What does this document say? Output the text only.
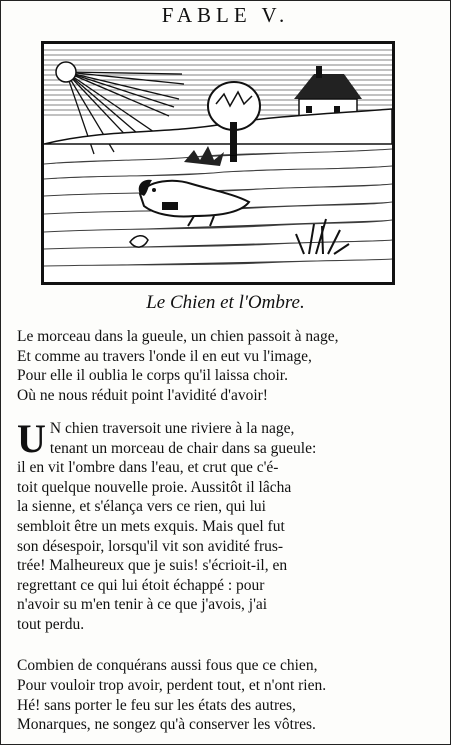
FABLE V.
Le Chien et l'Ombre.
Le morceau dans la gueule, un chien passoit à nage,
Et comme au travers l'onde il en eut vu l'image,
Pour elle il oublia le corps qu'il laissa choir.
Où ne nous réduit point l'avidité d'avoir!
U N chien traversoit une riviere à la nage,
tenant un morceau de chair dans sa gueule:
il en vit l'ombre dans l'eau, et crut que c'é-
toit quelque nouvelle proie. Aussitôt il lâcha
la sienne, et s'élança vers ce rien, qui lui
sembloit être un mets exquis. Mais quel fut
son désespoir, lorsqu'il vit son avidité frus-
trée! Malheureux que je suis! s'écrioit-il, en
regrettant ce qui lui étoit échappé : pour
n'avoir su m'en tenir à ce que j'avois, j'ai
tout perdu.
Combien de conquérans aussi fous que ce chien,
Pour vouloir trop avoir, perdent tout, et n'ont rien.
Hé! sans porter le feu sur les états des autres,
Monarques, ne songez qu'à conserver les vôtres.
